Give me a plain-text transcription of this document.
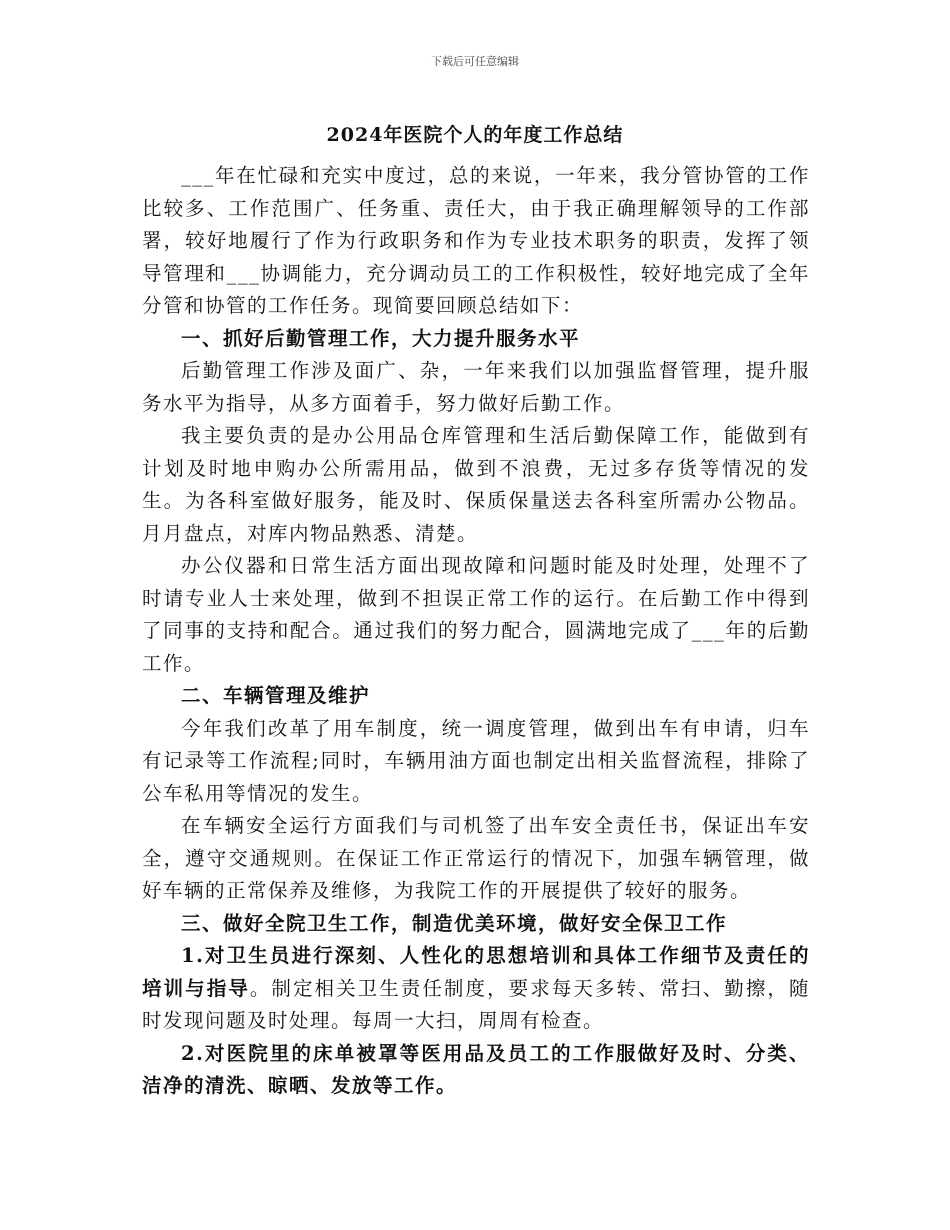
下载后可任意编辑
2024年医院个人的年度工作总结

___年在忙碌和充实中度过，总的来说，一年来，我分管协管的工作比较多、工作范围广、任务重、责任大，由于我正确理解领导的工作部署，较好地履行了作为行政职务和作为专业技术职务的职责，发挥了领导管理和___协调能力，充分调动员工的工作积极性，较好地完成了全年分管和协管的工作任务。现简要回顾总结如下：

一、抓好后勤管理工作，大力提升服务水平

后勤管理工作涉及面广、杂，一年来我们以加强监督管理，提升服务水平为指导，从多方面着手，努力做好后勤工作。

我主要负责的是办公用品仓库管理和生活后勤保障工作，能做到有计划及时地申购办公所需用品，做到不浪费，无过多存货等情况的发生。为各科室做好服务，能及时、保质保量送去各科室所需办公物品。月月盘点，对库内物品熟悉、清楚。

办公仪器和日常生活方面出现故障和问题时能及时处理，处理不了时请专业人士来处理，做到不担误正常工作的运行。在后勤工作中得到了同事的支持和配合。通过我们的努力配合，圆满地完成了___年的后勤工作。

二、车辆管理及维护

今年我们改革了用车制度，统一调度管理，做到出车有申请，归车有记录等工作流程;同时，车辆用油方面也制定出相关监督流程，排除了公车私用等情况的发生。

在车辆安全运行方面我们与司机签了出车安全责任书，保证出车安全，遵守交通规则。在保证工作正常运行的情况下，加强车辆管理，做好车辆的正常保养及维修，为我院工作的开展提供了较好的服务。

三、做好全院卫生工作，制造优美环境，做好安全保卫工作

1.对卫生员进行深刻、人性化的思想培训和具体工作细节及责任的培训与指导。制定相关卫生责任制度，要求每天多转、常扫、勤擦，随时发现问题及时处理。每周一大扫，周周有检查。

2.对医院里的床单被罩等医用品及员工的工作服做好及时、分类、洁净的清洗、晾晒、发放等工作。
